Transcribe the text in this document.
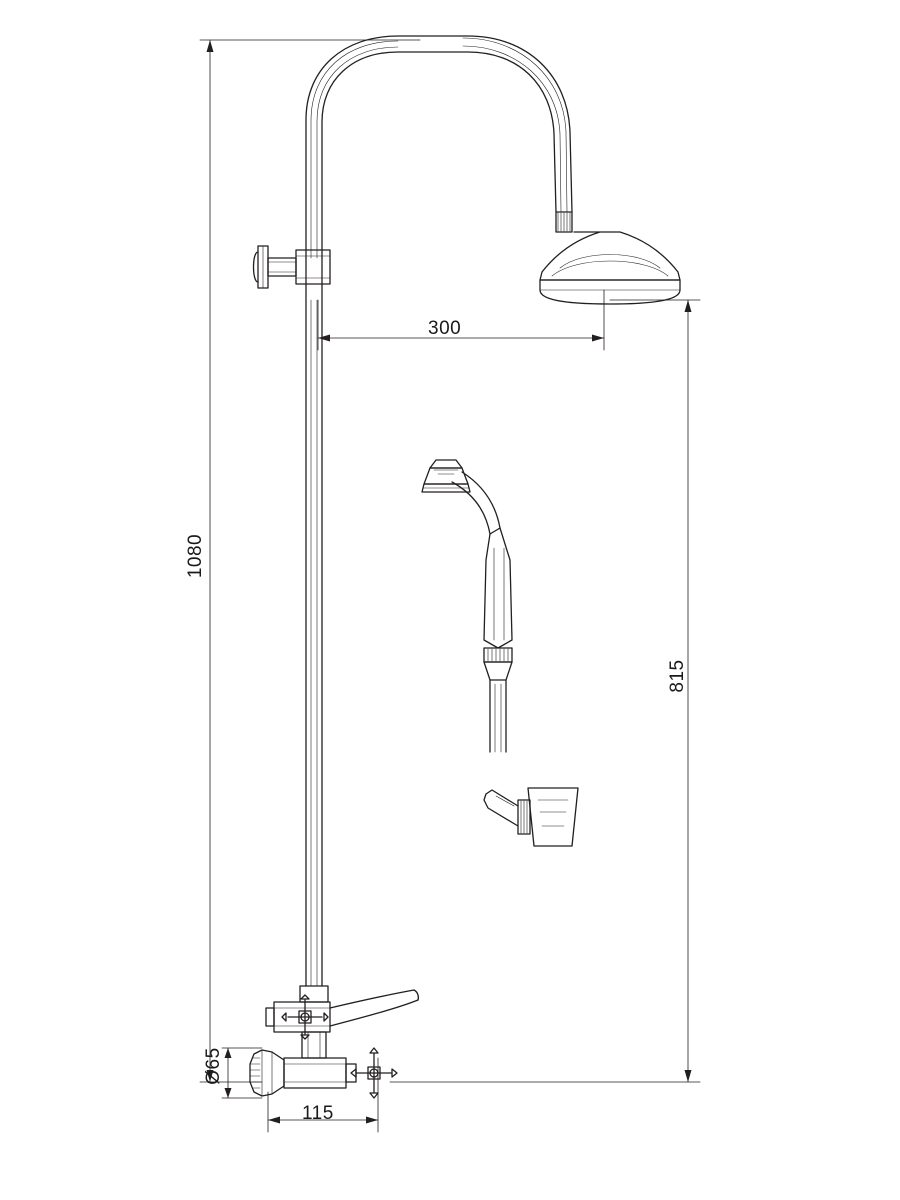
1080
300
815
115
Ø65
